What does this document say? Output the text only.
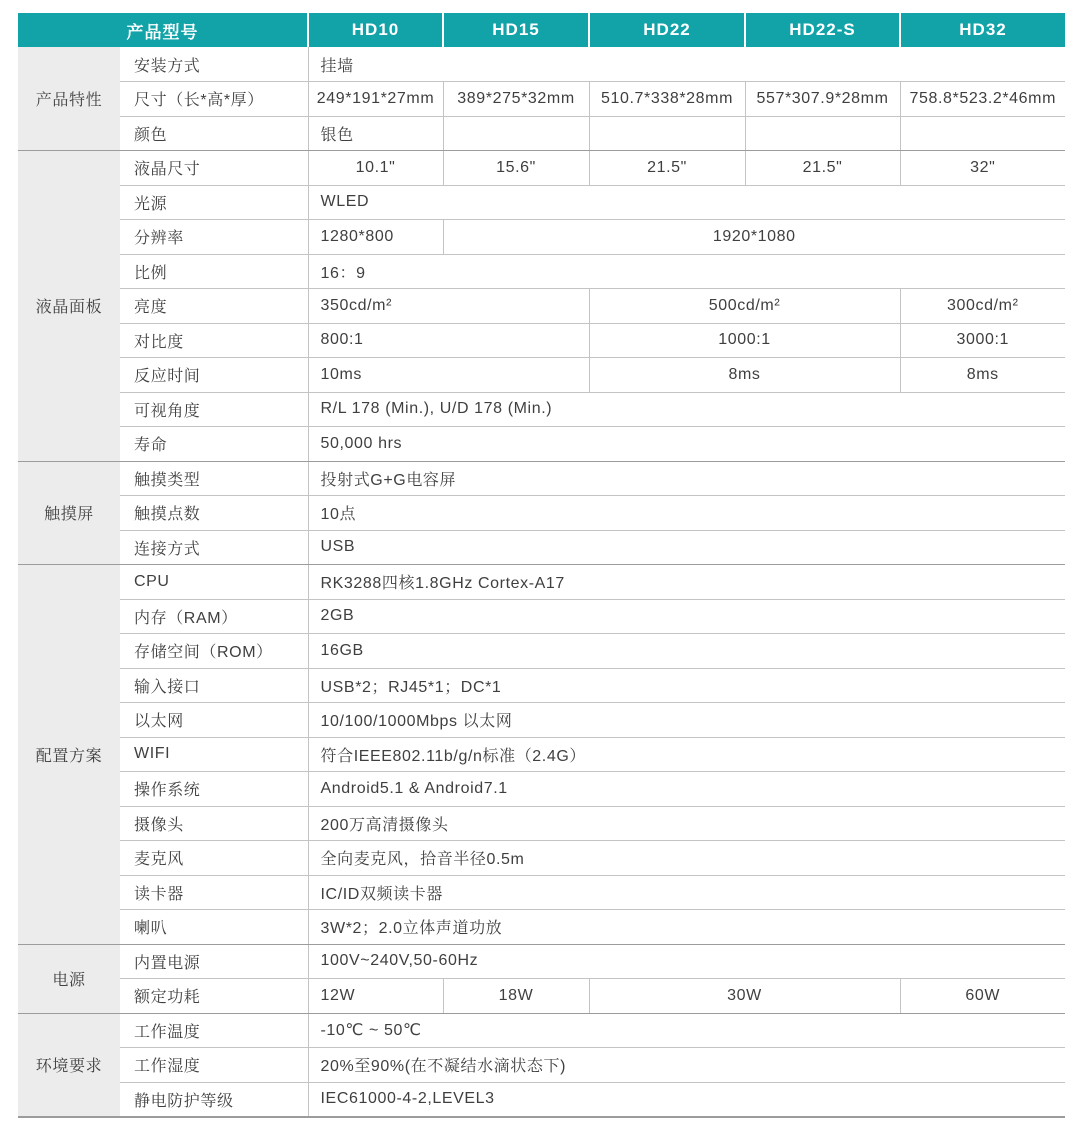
产品型号		HD10	HD15	HD22	HD22-S	HD32
产品特性	安装方式	挂墙				
	尺寸（长*高*厚）	249*191*27mm	389*275*32mm	510.7*338*28mm	557*307.9*28mm	758.8*523.2*46mm
	颜色	银色				
液晶面板	液晶尺寸	10.1"	15.6"	21.5"	21.5"	32"
	光源	WLED				
	分辨率	1280*800	1920*1080			
	比例	16：9				
	亮度	350cd/m²		500cd/m²		300cd/m²
	对比度	800:1		1000:1		3000:1
	反应时间	10ms		8ms		8ms
	可视角度	R/L 178 (Min.), U/D 178 (Min.)				
	寿命	50,000 hrs				
触摸屏	触摸类型	投射式G+G电容屏				
	触摸点数	10点				
	连接方式	USB				
配置方案	CPU	RK3288四核1.8GHz Cortex-A17				
	内存（RAM）	2GB				
	存储空间（ROM）	16GB				
	输入接口	USB*2；RJ45*1；DC*1				
	以太网	10/100/1000Mbps 以太网				
	WIFI	符合IEEE802.11b/g/n标准（2.4G）				
	操作系统	Android5.1 & Android7.1				
	摄像头	200万高清摄像头				
	麦克风	全向麦克风，拾音半径0.5m				
	读卡器	IC/ID双频读卡器				
	喇叭	3W*2；2.0立体声道功放				
电源	内置电源	100V~240V,50-60Hz				
	额定功耗	12W	18W	30W		60W
环境要求	工作温度	-10℃ ~ 50℃				
	工作湿度	20%至90%(在不凝结水滴状态下)				
	静电防护等级	IEC61000-4-2,LEVEL3				
